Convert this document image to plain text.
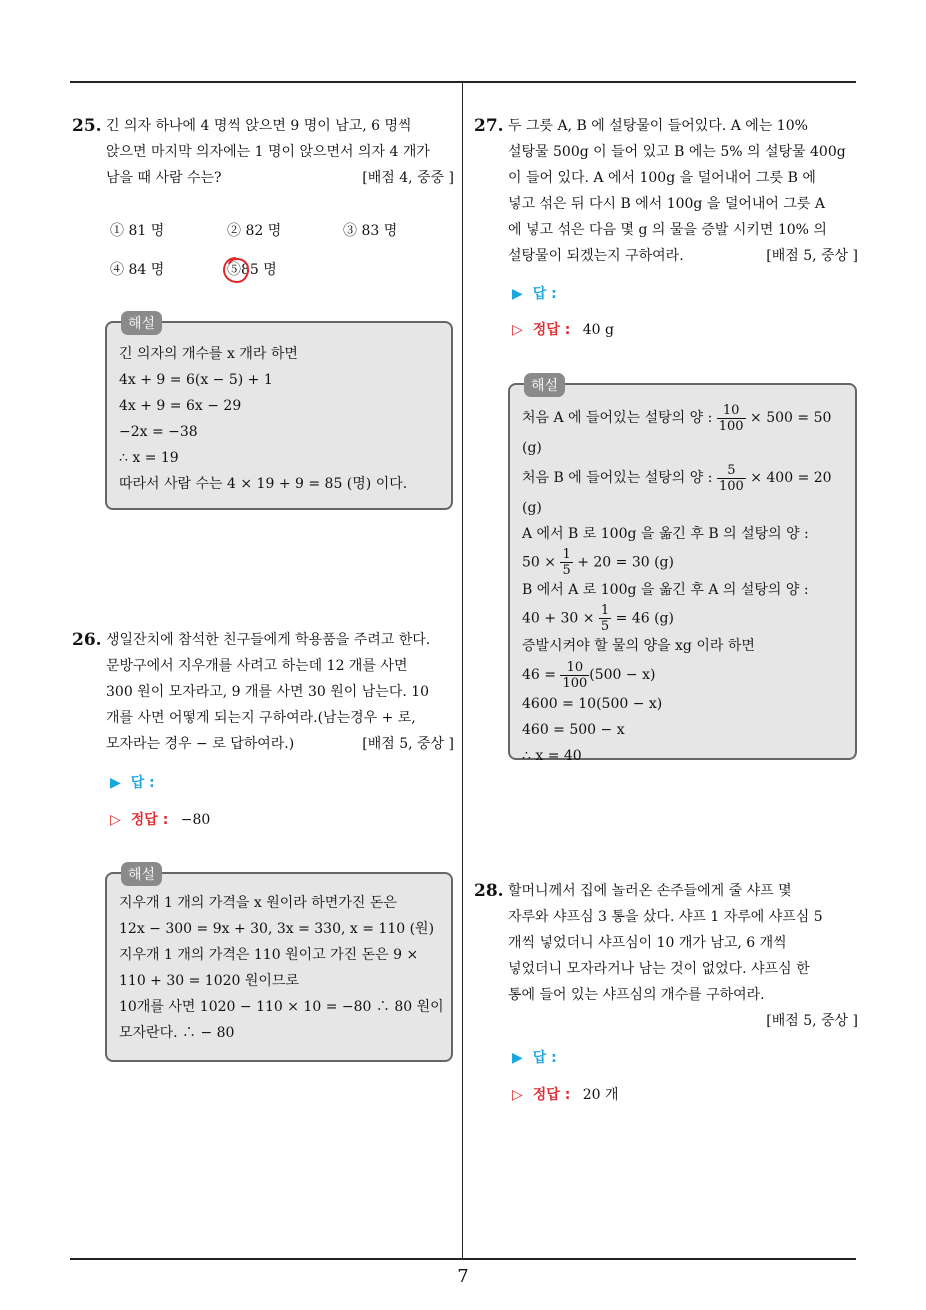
25. 긴 의자 하나에 4 명씩 앉으면 9 명이 남고, 6 명씩
앉으면 마지막 의자에는 1 명이 앉으면서 의자 4 개가
남을 때 사람 수는?	[배점 4, 중중 ]
① 81 명	② 82 명	③ 83 명
④ 84 명	⑤85 명
해설
긴 의자의 개수를 x 개라 하면
4x + 9 = 6(x − 5) + 1
4x + 9 = 6x − 29
−2x = −38
∴ x = 19
따라서 사람 수는 4 × 19 + 9 = 85 (명) 이다.
26. 생일잔치에 참석한 친구들에게 학용품을 주려고 한다.
문방구에서 지우개를 사려고 하는데 12 개를 사면
300 원이 모자라고, 9 개를 사면 30 원이 남는다. 10
개를 사면 어떻게 되는지 구하여라.(남는경우 + 로,
모자라는 경우 − 로 답하여라.)	[배점 5, 중상 ]
▶ 답 :
▷ 정답 : −80
해설
지우개 1 개의 가격을 x 원이라 하면가진 돈은
12x − 300 = 9x + 30, 3x = 330, x = 110 (원)
지우개 1 개의 가격은 110 원이고 가진 돈은 9 ×
110 + 30 = 1020 원이므로
10개를 사면 1020 − 110 × 10 = −80 ∴ 80 원이
모자란다. ∴ − 80
27. 두 그릇 A, B 에 설탕물이 들어있다. A 에는 10%
설탕물 500g 이 들어 있고 B 에는 5% 의 설탕물 400g
이 들어 있다. A 에서 100g 을 덜어내어 그릇 B 에
넣고 섞은 뒤 다시 B 에서 100g 을 덜어내어 그릇 A
에 넣고 섞은 다음 몇 g 의 물을 증발 시키면 10% 의
설탕물이 되겠는지 구하여라.	[배점 5, 중상 ]
▶ 답 :
▷ 정답 : 40 g
해설
처음 A 에 들어있는 설탕의 양 : $\frac{10}{100} \times 500 = 50$
(g)
처음 B 에 들어있는 설탕의 양 : $\frac{5}{100} \times 400 = 20$
(g)
A 에서 B 로 100g 을 옮긴 후 B 의 설탕의 양 :
$50 \times \frac{1}{5} + 20 = 30$ (g)
B 에서 A 로 100g 을 옮긴 후 A 의 설탕의 양 :
$40 + 30 \times \frac{1}{5} = 46$ (g)
증발시켜야 할 물의 양을 xg 이라 하면
$46 = \frac{10}{100} (500 - x)$
4600 = 10(500 − x)
460 = 500 − x
∴ x = 40
28. 할머니께서 집에 놀러온 손주들에게 줄 샤프 몇
자루와 샤프심 3 통을 샀다. 샤프 1 자루에 샤프심 5
개씩 넣었더니 샤프심이 10 개가 남고, 6 개씩
넣었더니 모자라거나 남는 것이 없었다. 샤프심 한
통에 들어 있는 샤프심의 개수를 구하여라.
[배점 5, 중상 ]
▶ 답 :
▷ 정답 : 20 개
7
